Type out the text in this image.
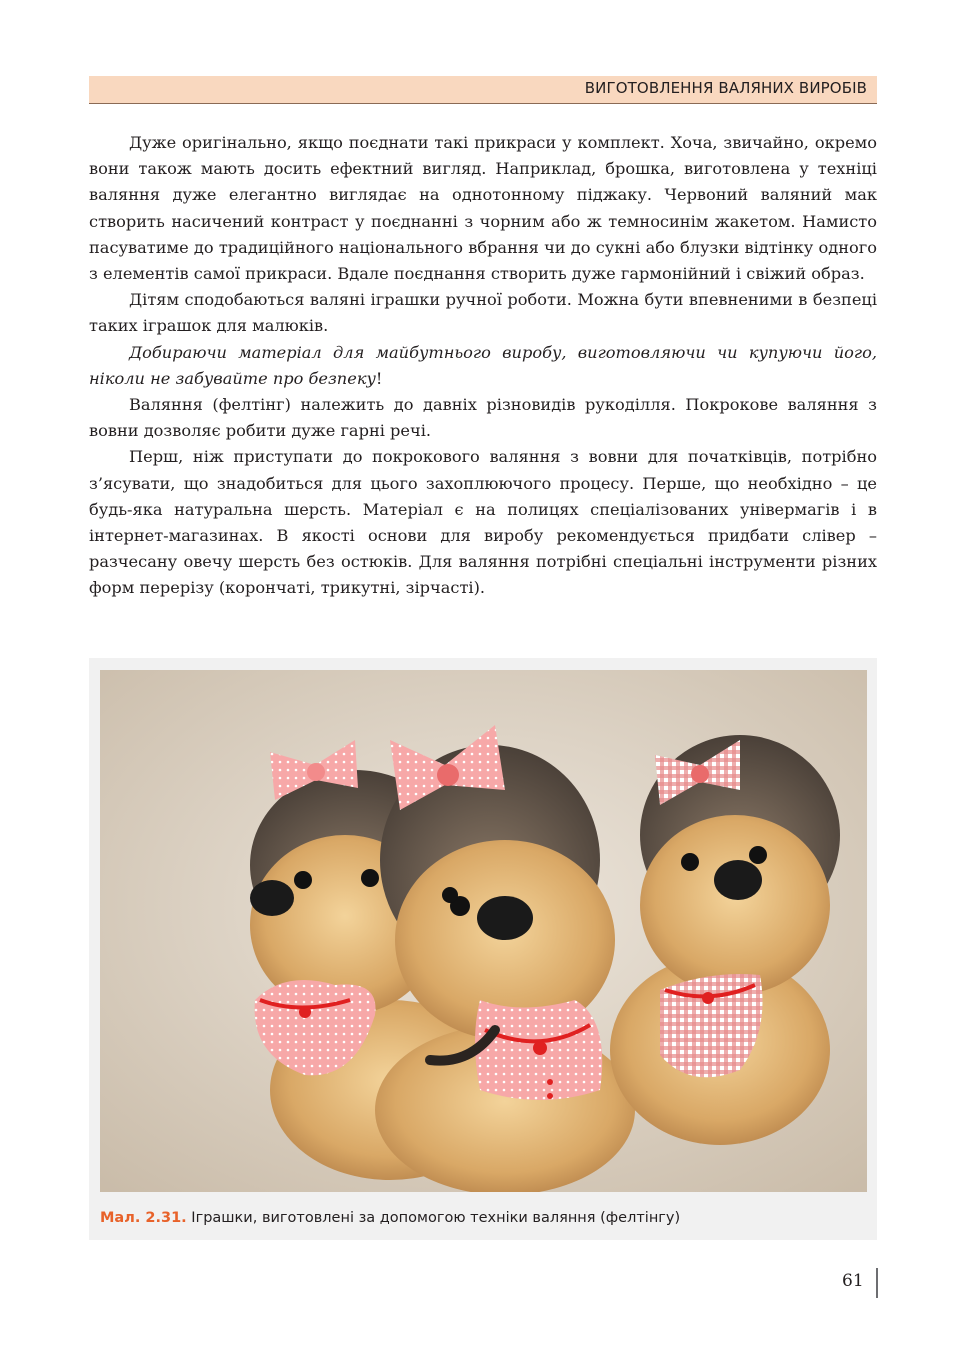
ВИГОТОВЛЕННЯ ВАЛЯНИХ ВИРОБІВ

Дуже оригінально, якщо поєднати такі прикраси у комплект. Хоча, звичайно, окремо вони також мають досить ефектний вигляд. Наприклад, брошка, виготовлена у техніці валяння дуже елегантно виглядає на однотонному піджаку. Червоний валяний мак створить насичений контраст у поєднанні з чорним або ж темносинім жакетом. Намисто пасуватиме до традиційного національного вбрання чи до сукні або блузки відтінку одного з елементів самої прикраси. Вдале поєднання створить дуже гармонійний і свіжий образ.

Дітям сподобаються валяні іграшки ручної роботи. Можна бути впевненими в безпеці таких іграшок для малюків.

Добираючи матеріал для майбутнього виробу, виготовляючи чи купуючи його, ніколи не забувайте про безпеку!

Валяння (фелтінг) належить до давніх різновидів рукоділля. Покрокове валяння з вовни дозволяє робити дуже гарні речі.

Перш, ніж приступати до покрокового валяння з вовни для початківців, потрібно з’ясувати, що знадобиться для цього захоплюючого процесу. Перше, що необхідно – це будь-яка натуральна шерсть. Матеріал є на полицях спеціалізованих універмагів і в інтернет-магазинах. В якості основи для виробу рекомендується придбати слівер – разчесану овечу шерсть без остюків. Для валяння потрібні спеціальні інструменти різних форм перерізу (корончаті, трикутні, зірчасті).

Мал. 2.31. Іграшки, виготовлені за допомогою техніки валяння (фелтінгу)
61
